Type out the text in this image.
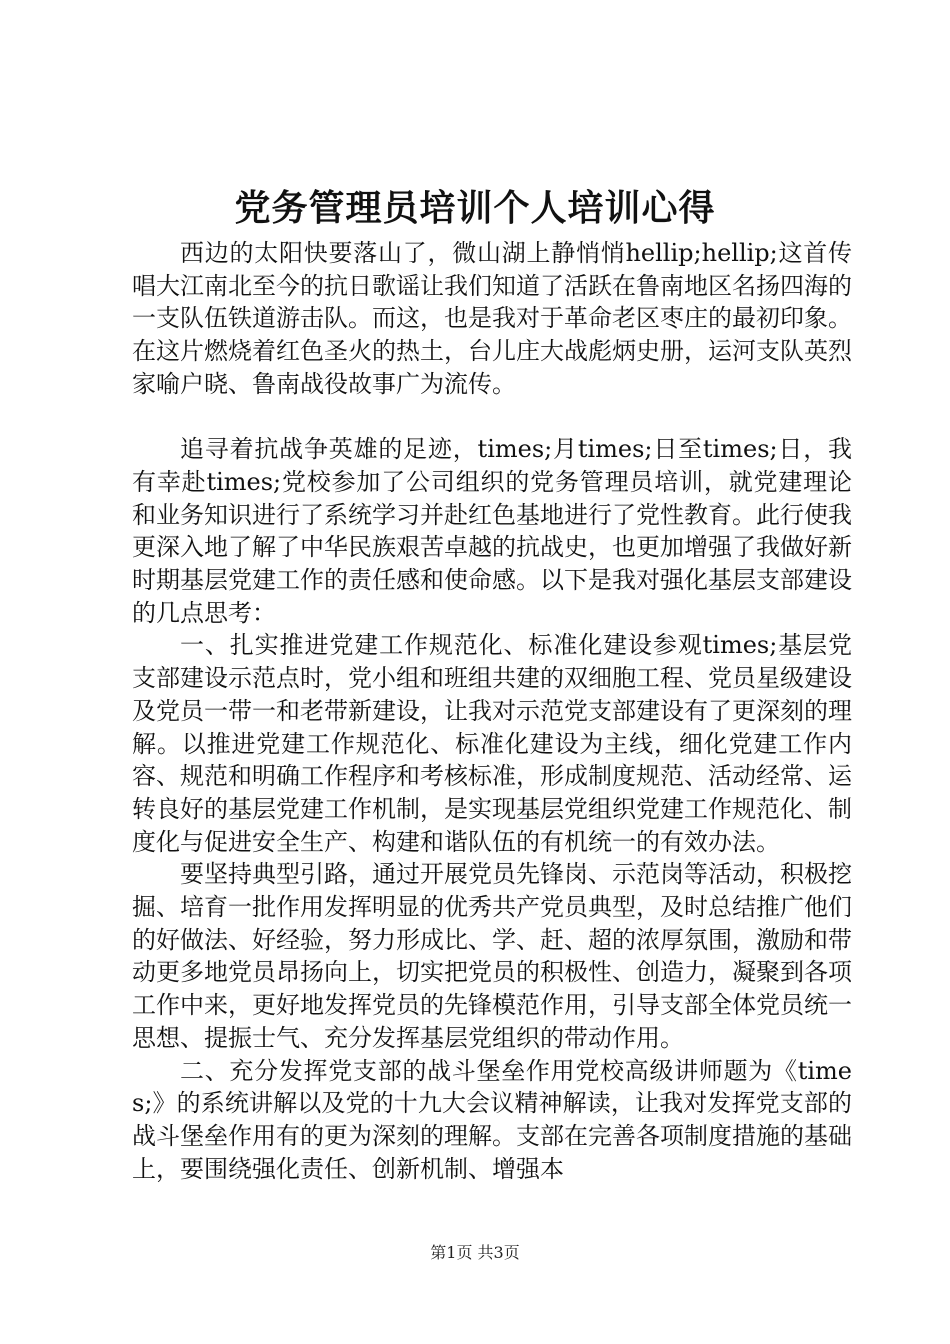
党务管理员培训个人培训心得

西边的太阳快要落山了，微山湖上静悄悄hellip;hellip;这首传唱大江南北至今的抗日歌谣让我们知道了活跃在鲁南地区名扬四海的一支队伍铁道游击队。而这，也是我对于革命老区枣庄的最初印象。在这片燃烧着红色圣火的热土，台儿庄大战彪炳史册，运河支队英烈家喻户晓、鲁南战役故事广为流传。

追寻着抗战争英雄的足迹，times;月times;日至times;日，我有幸赴times;党校参加了公司组织的党务管理员培训，就党建理论和业务知识进行了系统学习并赴红色基地进行了党性教育。此行使我更深入地了解了中华民族艰苦卓越的抗战史，也更加增强了我做好新时期基层党建工作的责任感和使命感。以下是我对强化基层支部建设的几点思考：

一、扎实推进党建工作规范化、标准化建设参观times;基层党支部建设示范点时，党小组和班组共建的双细胞工程、党员星级建设及党员一带一和老带新建设，让我对示范党支部建设有了更深刻的理解。以推进党建工作规范化、标准化建设为主线，细化党建工作内容、规范和明确工作程序和考核标准，形成制度规范、活动经常、运转良好的基层党建工作机制，是实现基层党组织党建工作规范化、制度化与促进安全生产、构建和谐队伍的有机统一的有效办法。

要坚持典型引路，通过开展党员先锋岗、示范岗等活动，积极挖掘、培育一批作用发挥明显的优秀共产党员典型，及时总结推广他们的好做法、好经验，努力形成比、学、赶、超的浓厚氛围，激励和带动更多地党员昂扬向上，切实把党员的积极性、创造力，凝聚到各项工作中来，更好地发挥党员的先锋模范作用，引导支部全体党员统一思想、提振士气、充分发挥基层党组织的带动作用。

二、充分发挥党支部的战斗堡垒作用党校高级讲师题为《times;》的系统讲解以及党的十九大会议精神解读，让我对发挥党支部的战斗堡垒作用有的更为深刻的理解。支部在完善各项制度措施的基础上，要围绕强化责任、创新机制、增强本

第1页 共3页
